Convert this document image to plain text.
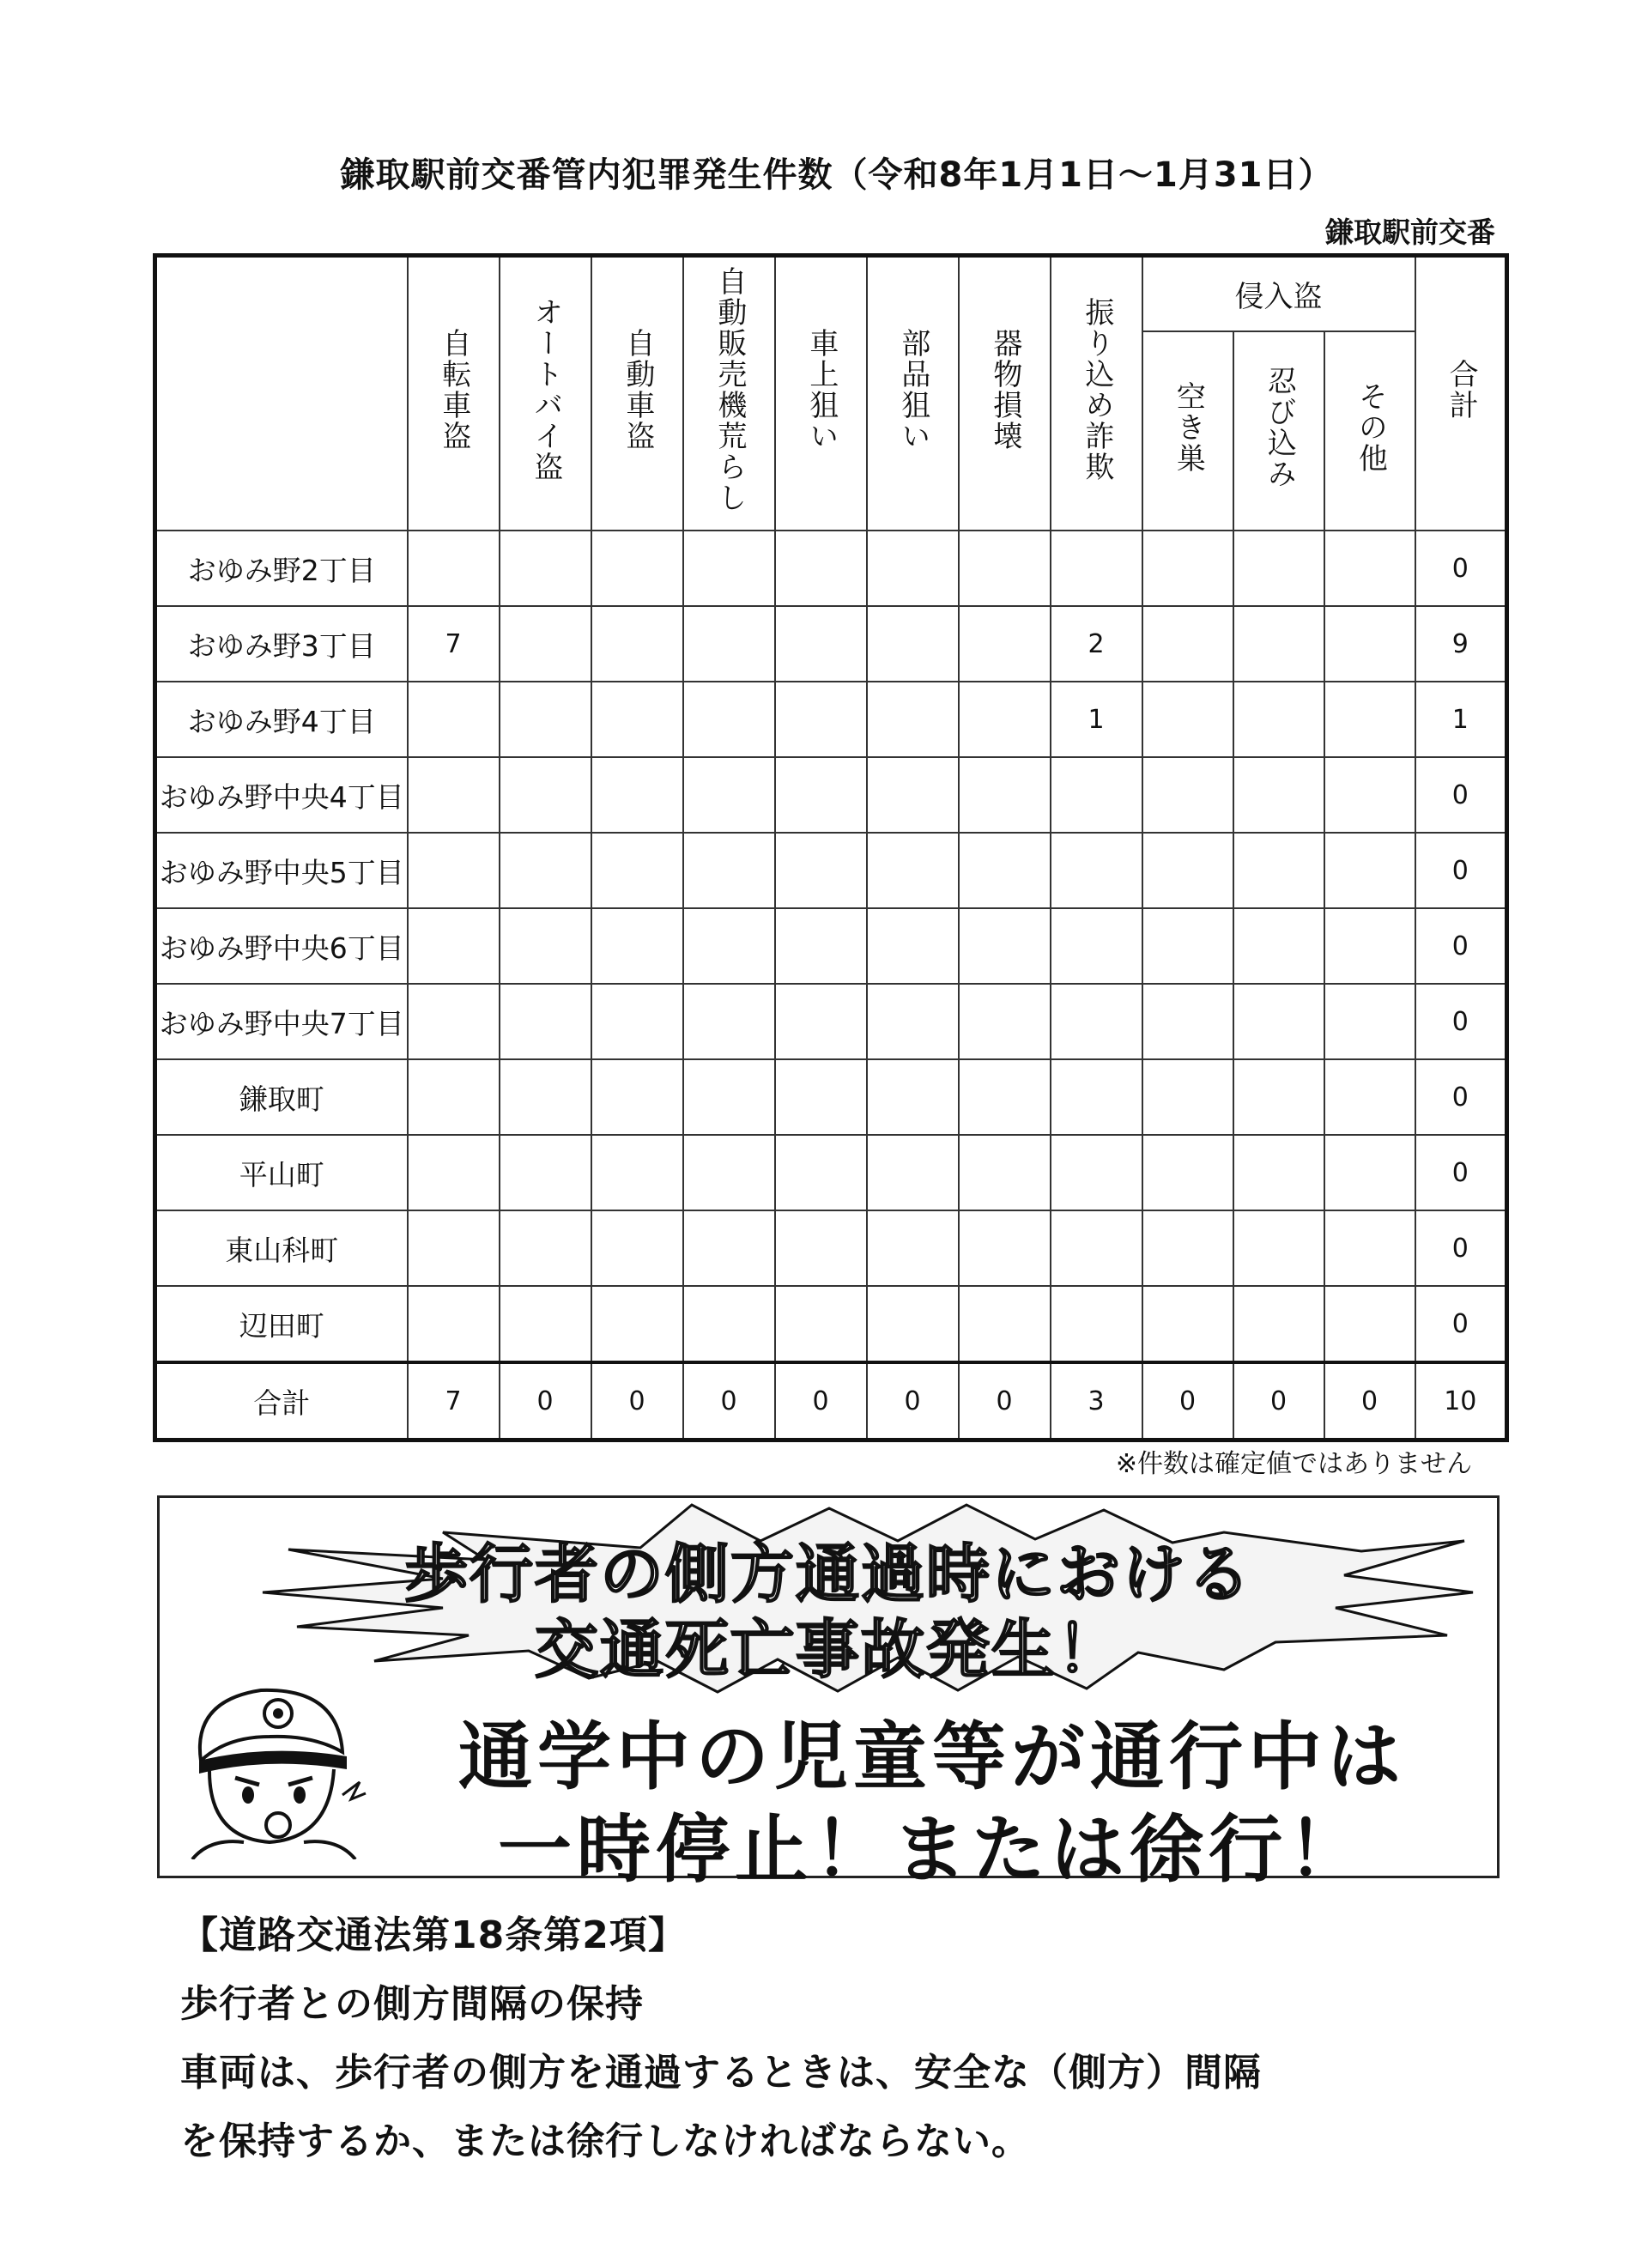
鎌取駅前交番管内犯罪発生件数（令和8年1月1日～1月31日）
鎌取駅前交番
	自転車盗	オートバイ盗	自動車盗	自動販売機荒らし	車上狙い	部品狙い	器物損壊	振り込め詐欺	侵入盗			合計
									空き巣	忍び込み	その他	
おゆみ野2丁目												0
おゆみ野3丁目	7							2				9
おゆみ野4丁目								1				1
おゆみ野中央4丁目												0
おゆみ野中央5丁目												0
おゆみ野中央6丁目												0
おゆみ野中央7丁目												0
鎌取町												0
平山町												0
東山科町												0
辺田町												0
合計	7	0	0	0	0	0	0	3	0	0	0	10
※件数は確定値ではありません
歩行者の側方通過時における
交通死亡事故発生！
通学中の児童等が通行中は
一時停止！または徐行！
【道路交通法第18条第2項】
歩行者との側方間隔の保持
車両は、歩行者の側方を通過するときは、安全な（側方）間隔
を保持するか、または徐行しなければならない。
